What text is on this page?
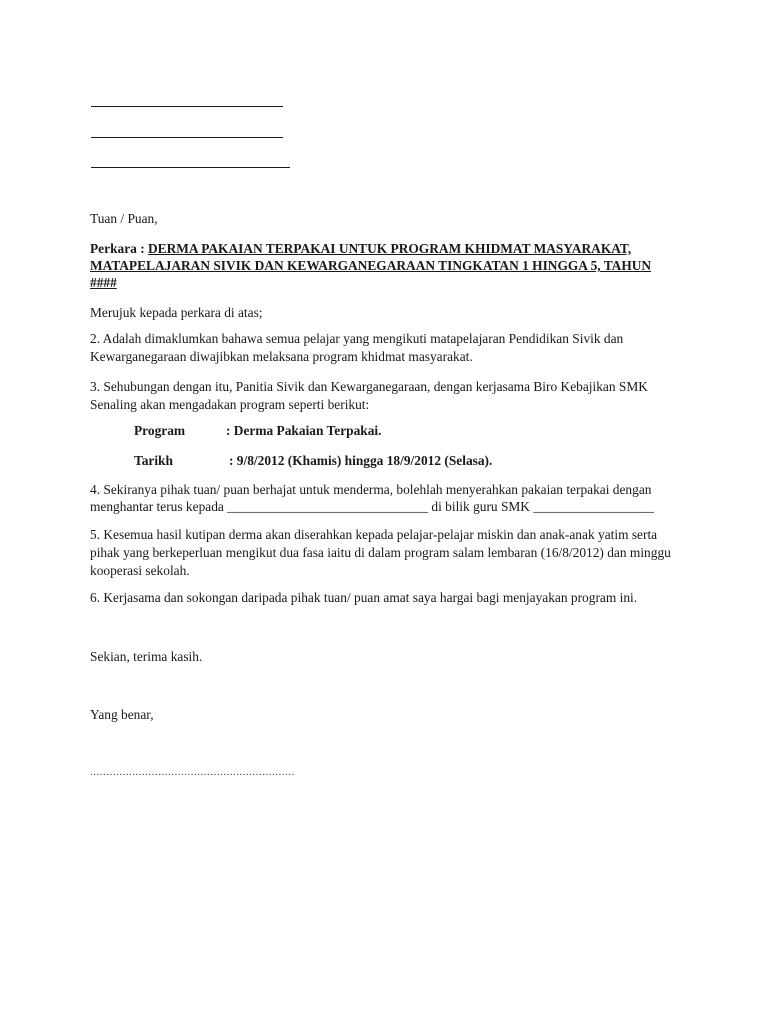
Tuan / Puan,
Perkara : DERMA PAKAIAN TERPAKAI UNTUK PROGRAM KHIDMAT MASYARAKAT,
MATAPELAJARAN SIVIK DAN KEWARGANEGARAAN TINGKATAN 1 HINGGA 5, TAHUN
####
Merujuk kepada perkara di atas;
2. Adalah dimaklumkan bahawa semua pelajar yang mengikuti matapelajaran Pendidikan Sivik dan Kewarganegaraan diwajibkan melaksana program khidmat masyarakat.
3. Sehubungan dengan itu, Panitia Sivik dan Kewarganegaraan, dengan kerjasama Biro Kebajikan SMK Senaling akan mengadakan program seperti berikut:
Program	: Derma Pakaian Terpakai.
Tarikh	: 9/8/2012 (Khamis) hingga 18/9/2012 (Selasa).
4. Sekiranya pihak tuan/ puan berhajat untuk menderma, bolehlah menyerahkan pakaian terpakai dengan
menghantar terus kepada ______________________________ di bilik guru SMK __________________
5. Kesemua hasil kutipan derma akan diserahkan kepada pelajar-pelajar miskin dan anak-anak yatim serta pihak yang berkeperluan mengikut dua fasa iaitu di dalam program salam lembaran (16/8/2012) dan minggu kooperasi sekolah.
6. Kerjasama dan sokongan daripada pihak tuan/ puan amat saya hargai bagi menjayakan program ini.
Sekian, terima kasih.
Yang benar,
...............................................................
